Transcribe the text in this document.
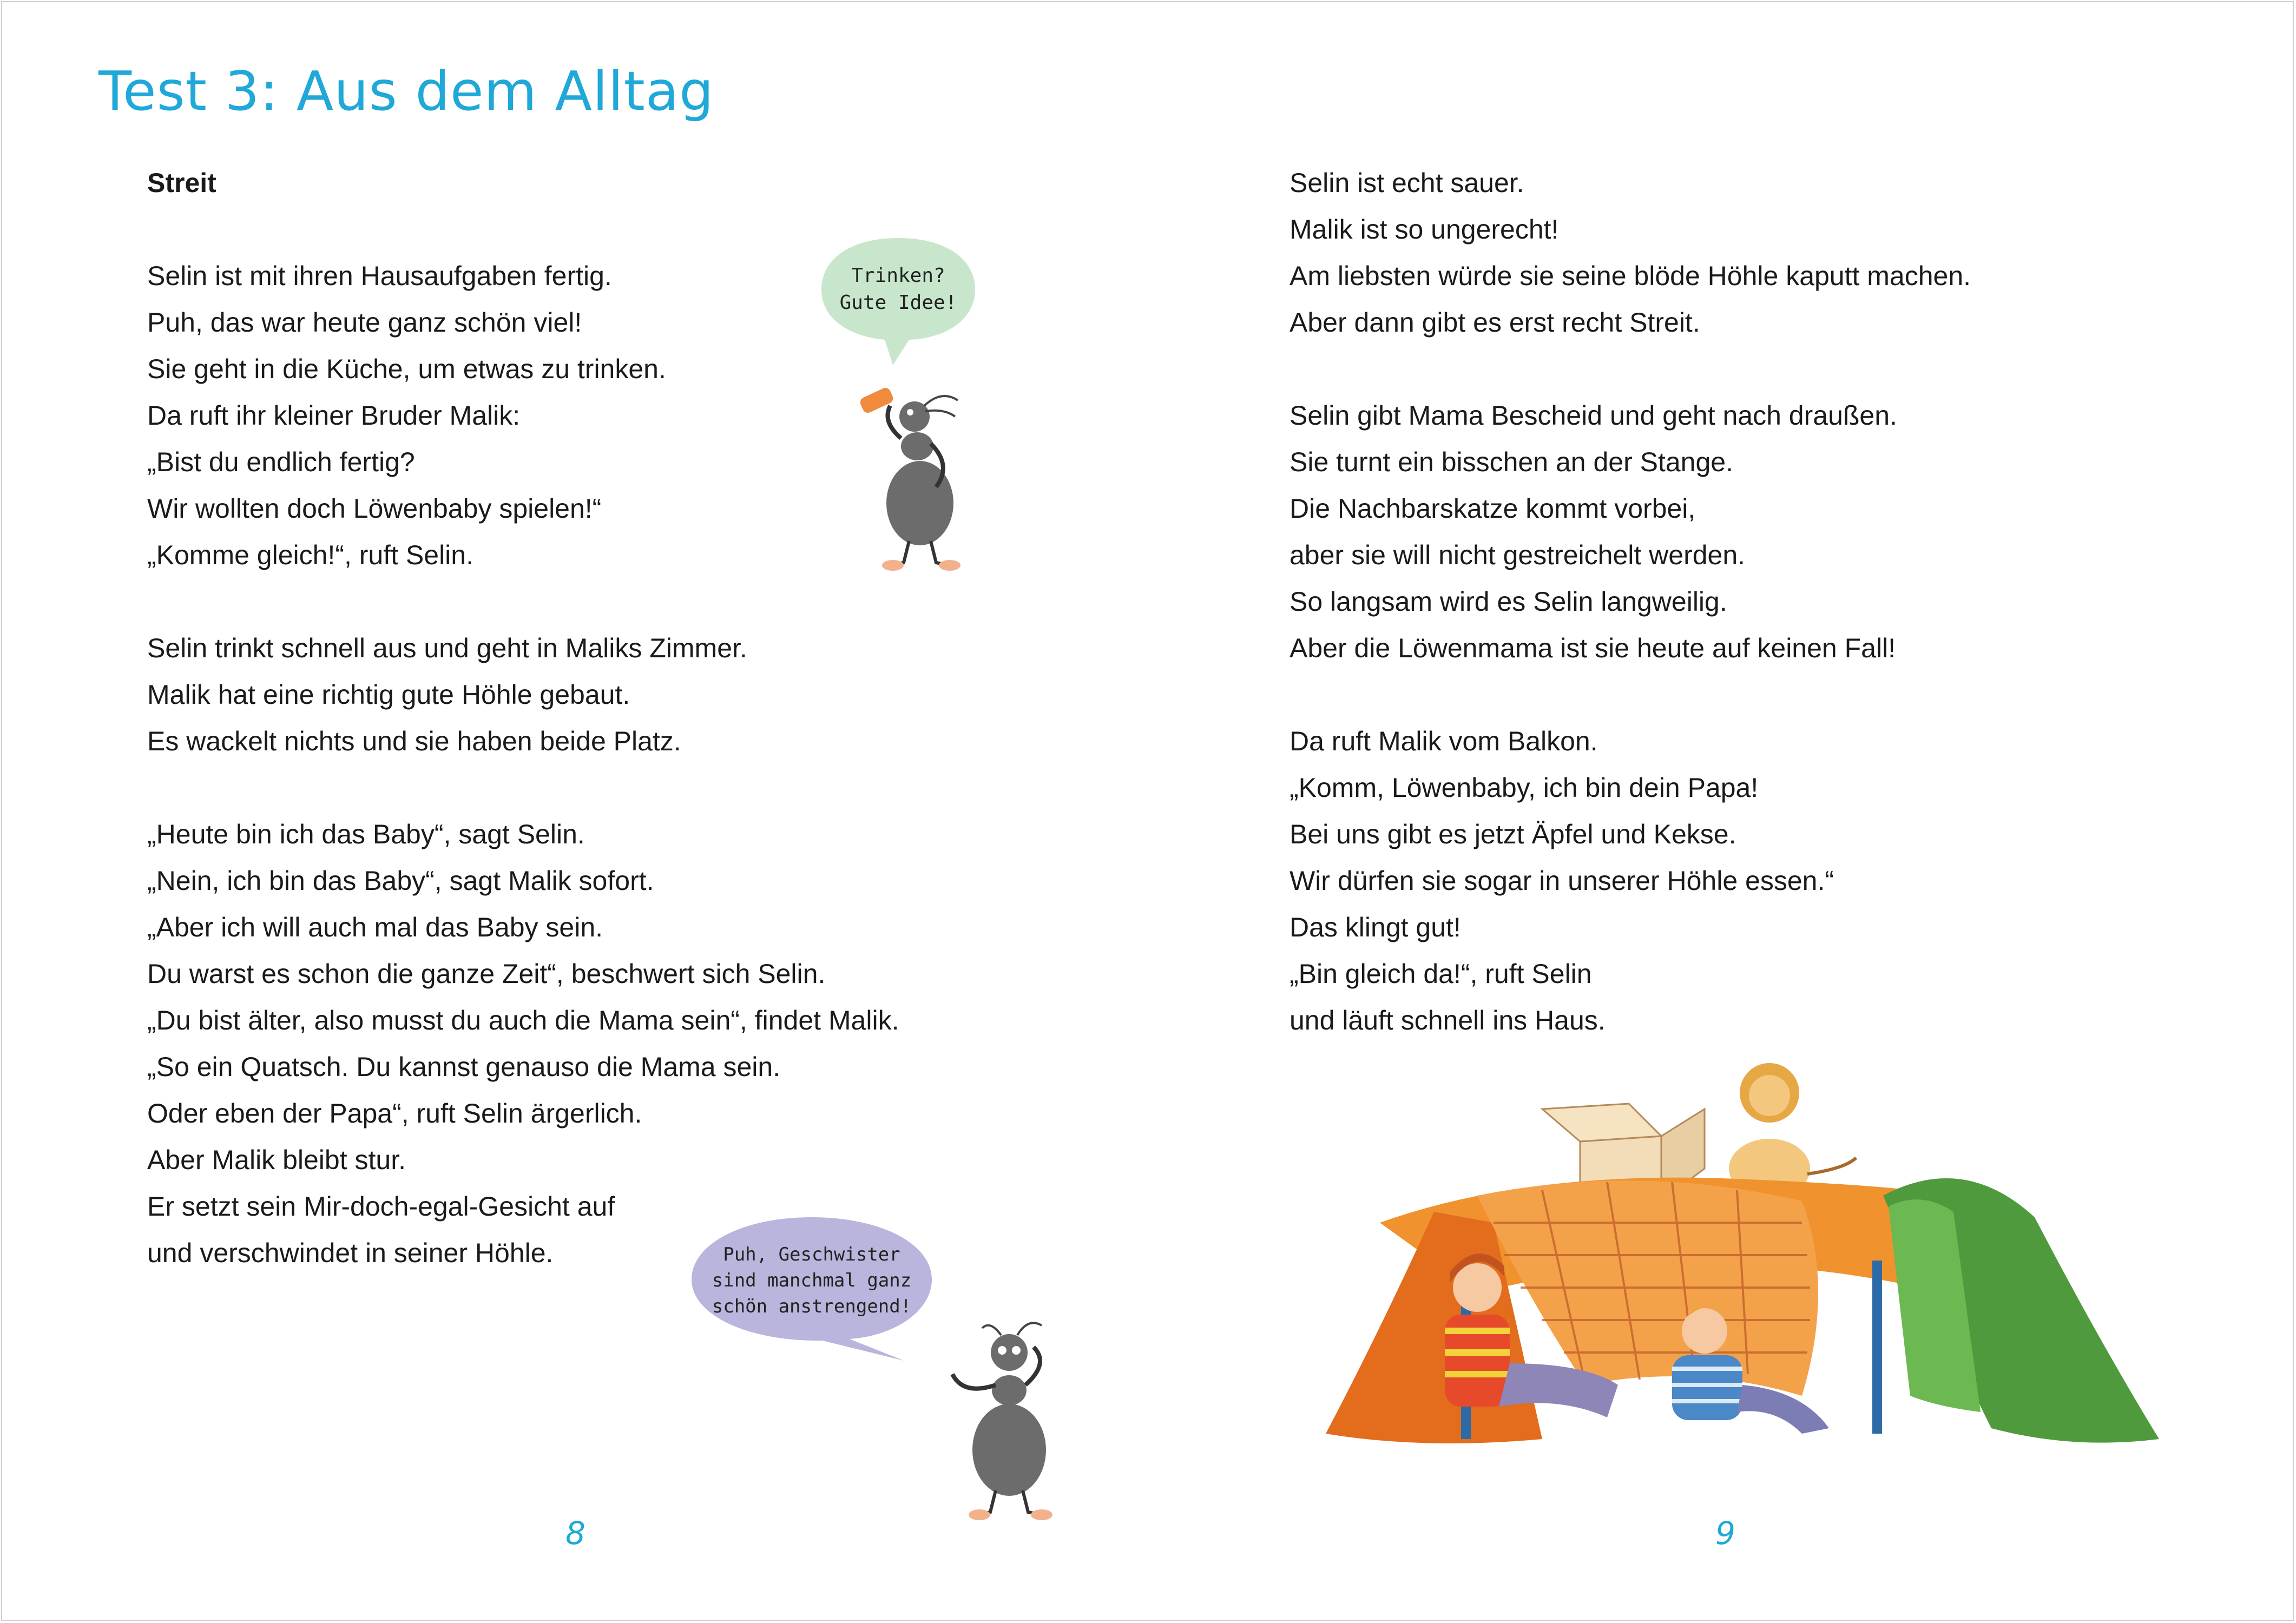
Test 3: Aus dem Alltag
Streit
Selin ist mit ihren Hausaufgaben fertig.
Puh, das war heute ganz schön viel!
Sie geht in die Küche, um etwas zu trinken.
Da ruft ihr kleiner Bruder Malik:
„Bist du endlich fertig?
Wir wollten doch Löwenbaby spielen!“
„Komme gleich!“, ruft Selin.
Selin trinkt schnell aus und geht in Maliks Zimmer.
Malik hat eine richtig gute Höhle gebaut.
Es wackelt nichts und sie haben beide Platz.
„Heute bin ich das Baby“, sagt Selin.
„Nein, ich bin das Baby“, sagt Malik sofort.
„Aber ich will auch mal das Baby sein.
Du warst es schon die ganze Zeit“, beschwert sich Selin.
„Du bist älter, also musst du auch die Mama sein“, findet Malik.
„So ein Quatsch. Du kannst genauso die Mama sein.
Oder eben der Papa“, ruft Selin ärgerlich.
Aber Malik bleibt stur.
Er setzt sein Mir-doch-egal-Gesicht auf
und verschwindet in seiner Höhle.
Selin ist echt sauer.
Malik ist so ungerecht!
Am liebsten würde sie seine blöde Höhle kaputt machen.
Aber dann gibt es erst recht Streit.
Selin gibt Mama Bescheid und geht nach draußen.
Sie turnt ein bisschen an der Stange.
Die Nachbarskatze kommt vorbei,
aber sie will nicht gestreichelt werden.
So langsam wird es Selin langweilig.
Aber die Löwenmama ist sie heute auf keinen Fall!
Da ruft Malik vom Balkon.
„Komm, Löwenbaby, ich bin dein Papa!
Bei uns gibt es jetzt Äpfel und Kekse.
Wir dürfen sie sogar in unserer Höhle essen.“
Das klingt gut!
„Bin gleich da!“, ruft Selin
und läuft schnell ins Haus.
Trinken?
Gute Idee!
Puh, Geschwister
sind manchmal ganz
schön anstrengend!
8	9
